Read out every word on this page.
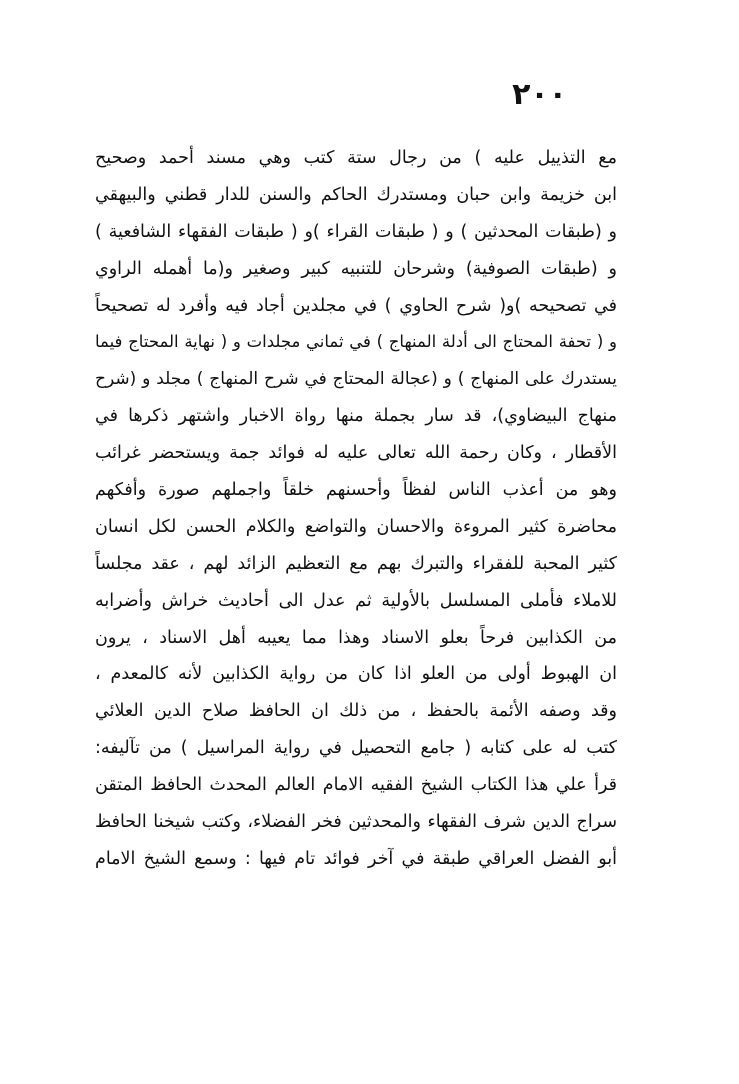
٢٠٠
مع التذييل عليه ) من رجال ستة كتب وهي مسند أحمد وصحيح
ابن خزيمة وابن حبان ومستدرك الحاكم والسنن للدار قطني والبيهقي
و (طبقات المحدثين ) و ( طبقات القراء )و ( طبقات الفقهاء الشافعية )
و (طبقات الصوفية) وشرحان للتنبيه كبير وصغير و(ما أهمله الراوي
في تصحيحه )و( شرح الحاوي ) في مجلدين أجاد فيه وأفرد له تصحيحاً
و ( تحفة المحتاج الى أدلة المنهاج ) في ثماني مجلدات و ( نهاية المحتاج فيما
يستدرك على المنهاج ) و (عجالة المحتاج في شرح المنهاج ) مجلد و (شرح
منهاج البيضاوي)، قد سار بجملة منها رواة الاخبار واشتهر ذكرها في
الأقطار ، وكان رحمة الله تعالى عليه له فوائد جمة ويستحضر غرائب
وهو من أعذب الناس لفظاً وأحسنهم خلقاً واجملهم صورة وأفكهم
محاضرة كثير المروءة والاحسان والتواضع والكلام الحسن لكل انسان
كثير المحبة للفقراء والتبرك بهم مع التعظيم الزائد لهم ، عقد مجلساً
للاملاء فأملى المسلسل بالأولية ثم عدل الى أحاديث خراش وأضرابه
من الكذابين فرحاً بعلو الاسناد وهذا مما يعيبه أهل الاسناد ، يرون
ان الهبوط أولى من العلو اذا كان من رواية الكذابين لأنه كالمعدم ،
وقد وصفه الأئمة بالحفظ ، من ذلك ان الحافظ صلاح الدين العلائي
كتب له على كتابه ( جامع التحصيل في رواية المراسيل ) من تآليفه:
قرأ علي هذا الكتاب الشيخ الفقيه الامام العالم المحدث الحافظ المتقن
سراج الدين شرف الفقهاء والمحدثين فخر الفضلاء، وكتب شيخنا الحافظ
أبو الفضل العراقي طبقة في آخر فوائد تام فيها : وسمع الشيخ الامام
